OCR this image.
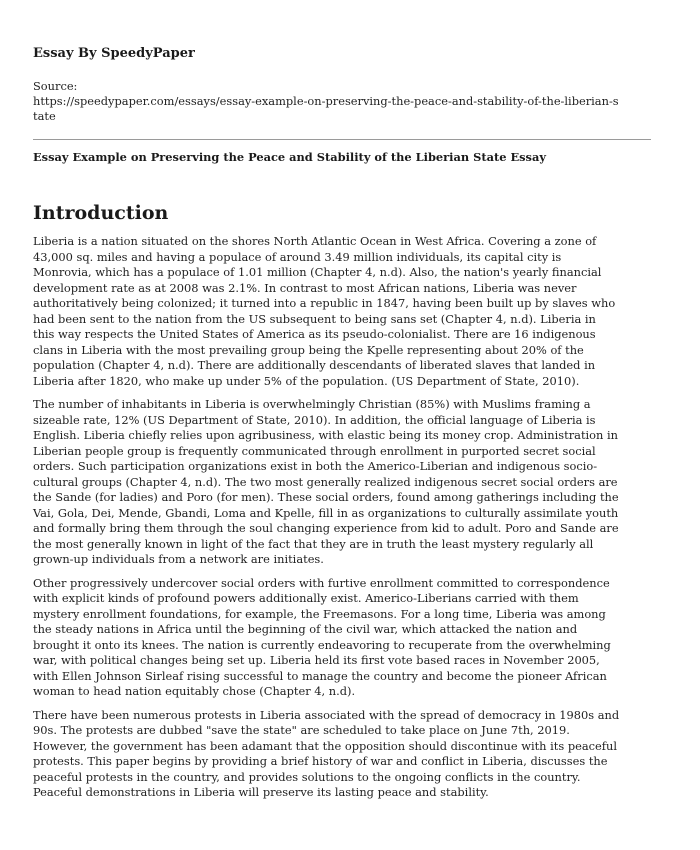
Essay By SpeedyPaper
Source:
https://speedypaper.com/essays/essay-example-on-preserving-the-peace-and-stability-of-the-liberian-s
tate
Essay Example on Preserving the Peace and Stability of the Liberian State Essay
Introduction
Liberia is a nation situated on the shores North Atlantic Ocean in West Africa. Covering a zone of
43,000 sq. miles and having a populace of around 3.49 million individuals, its capital city is
Monrovia, which has a populace of 1.01 million (Chapter 4, n.d). Also, the nation's yearly financial
development rate as at 2008 was 2.1%. In contrast to most African nations, Liberia was never
authoritatively being colonized; it turned into a republic in 1847, having been built up by slaves who
had been sent to the nation from the US subsequent to being sans set (Chapter 4, n.d). Liberia in
this way respects the United States of America as its pseudo-colonialist. There are 16 indigenous
clans in Liberia with the most prevailing group being the Kpelle representing about 20% of the
population (Chapter 4, n.d). There are additionally descendants of liberated slaves that landed in
Liberia after 1820, who make up under 5% of the population. (US Department of State, 2010).
The number of inhabitants in Liberia is overwhelmingly Christian (85%) with Muslims framing a
sizeable rate, 12% (US Department of State, 2010). In addition, the official language of Liberia is
English. Liberia chiefly relies upon agribusiness, with elastic being its money crop. Administration in
Liberian people group is frequently communicated through enrollment in purported secret social
orders. Such participation organizations exist in both the Americo-Liberian and indigenous socio-
cultural groups (Chapter 4, n.d). The two most generally realized indigenous secret social orders are
the Sande (for ladies) and Poro (for men). These social orders, found among gatherings including the
Vai, Gola, Dei, Mende, Gbandi, Loma and Kpelle, fill in as organizations to culturally assimilate youth
and formally bring them through the soul changing experience from kid to adult. Poro and Sande are
the most generally known in light of the fact that they are in truth the least mystery regularly all
grown-up individuals from a network are initiates.
Other progressively undercover social orders with furtive enrollment committed to correspondence
with explicit kinds of profound powers additionally exist. Americo-Liberians carried with them
mystery enrollment foundations, for example, the Freemasons. For a long time, Liberia was among
the steady nations in Africa until the beginning of the civil war, which attacked the nation and
brought it onto its knees. The nation is currently endeavoring to recuperate from the overwhelming
war, with political changes being set up. Liberia held its first vote based races in November 2005,
with Ellen Johnson Sirleaf rising successful to manage the country and become the pioneer African
woman to head nation equitably chose (Chapter 4, n.d).
There have been numerous protests in Liberia associated with the spread of democracy in 1980s and
90s. The protests are dubbed "save the state" are scheduled to take place on June 7th, 2019.
However, the government has been adamant that the opposition should discontinue with its peaceful
protests. This paper begins by providing a brief history of war and conflict in Liberia, discusses the
peaceful protests in the country, and provides solutions to the ongoing conflicts in the country.
Peaceful demonstrations in Liberia will preserve its lasting peace and stability.
